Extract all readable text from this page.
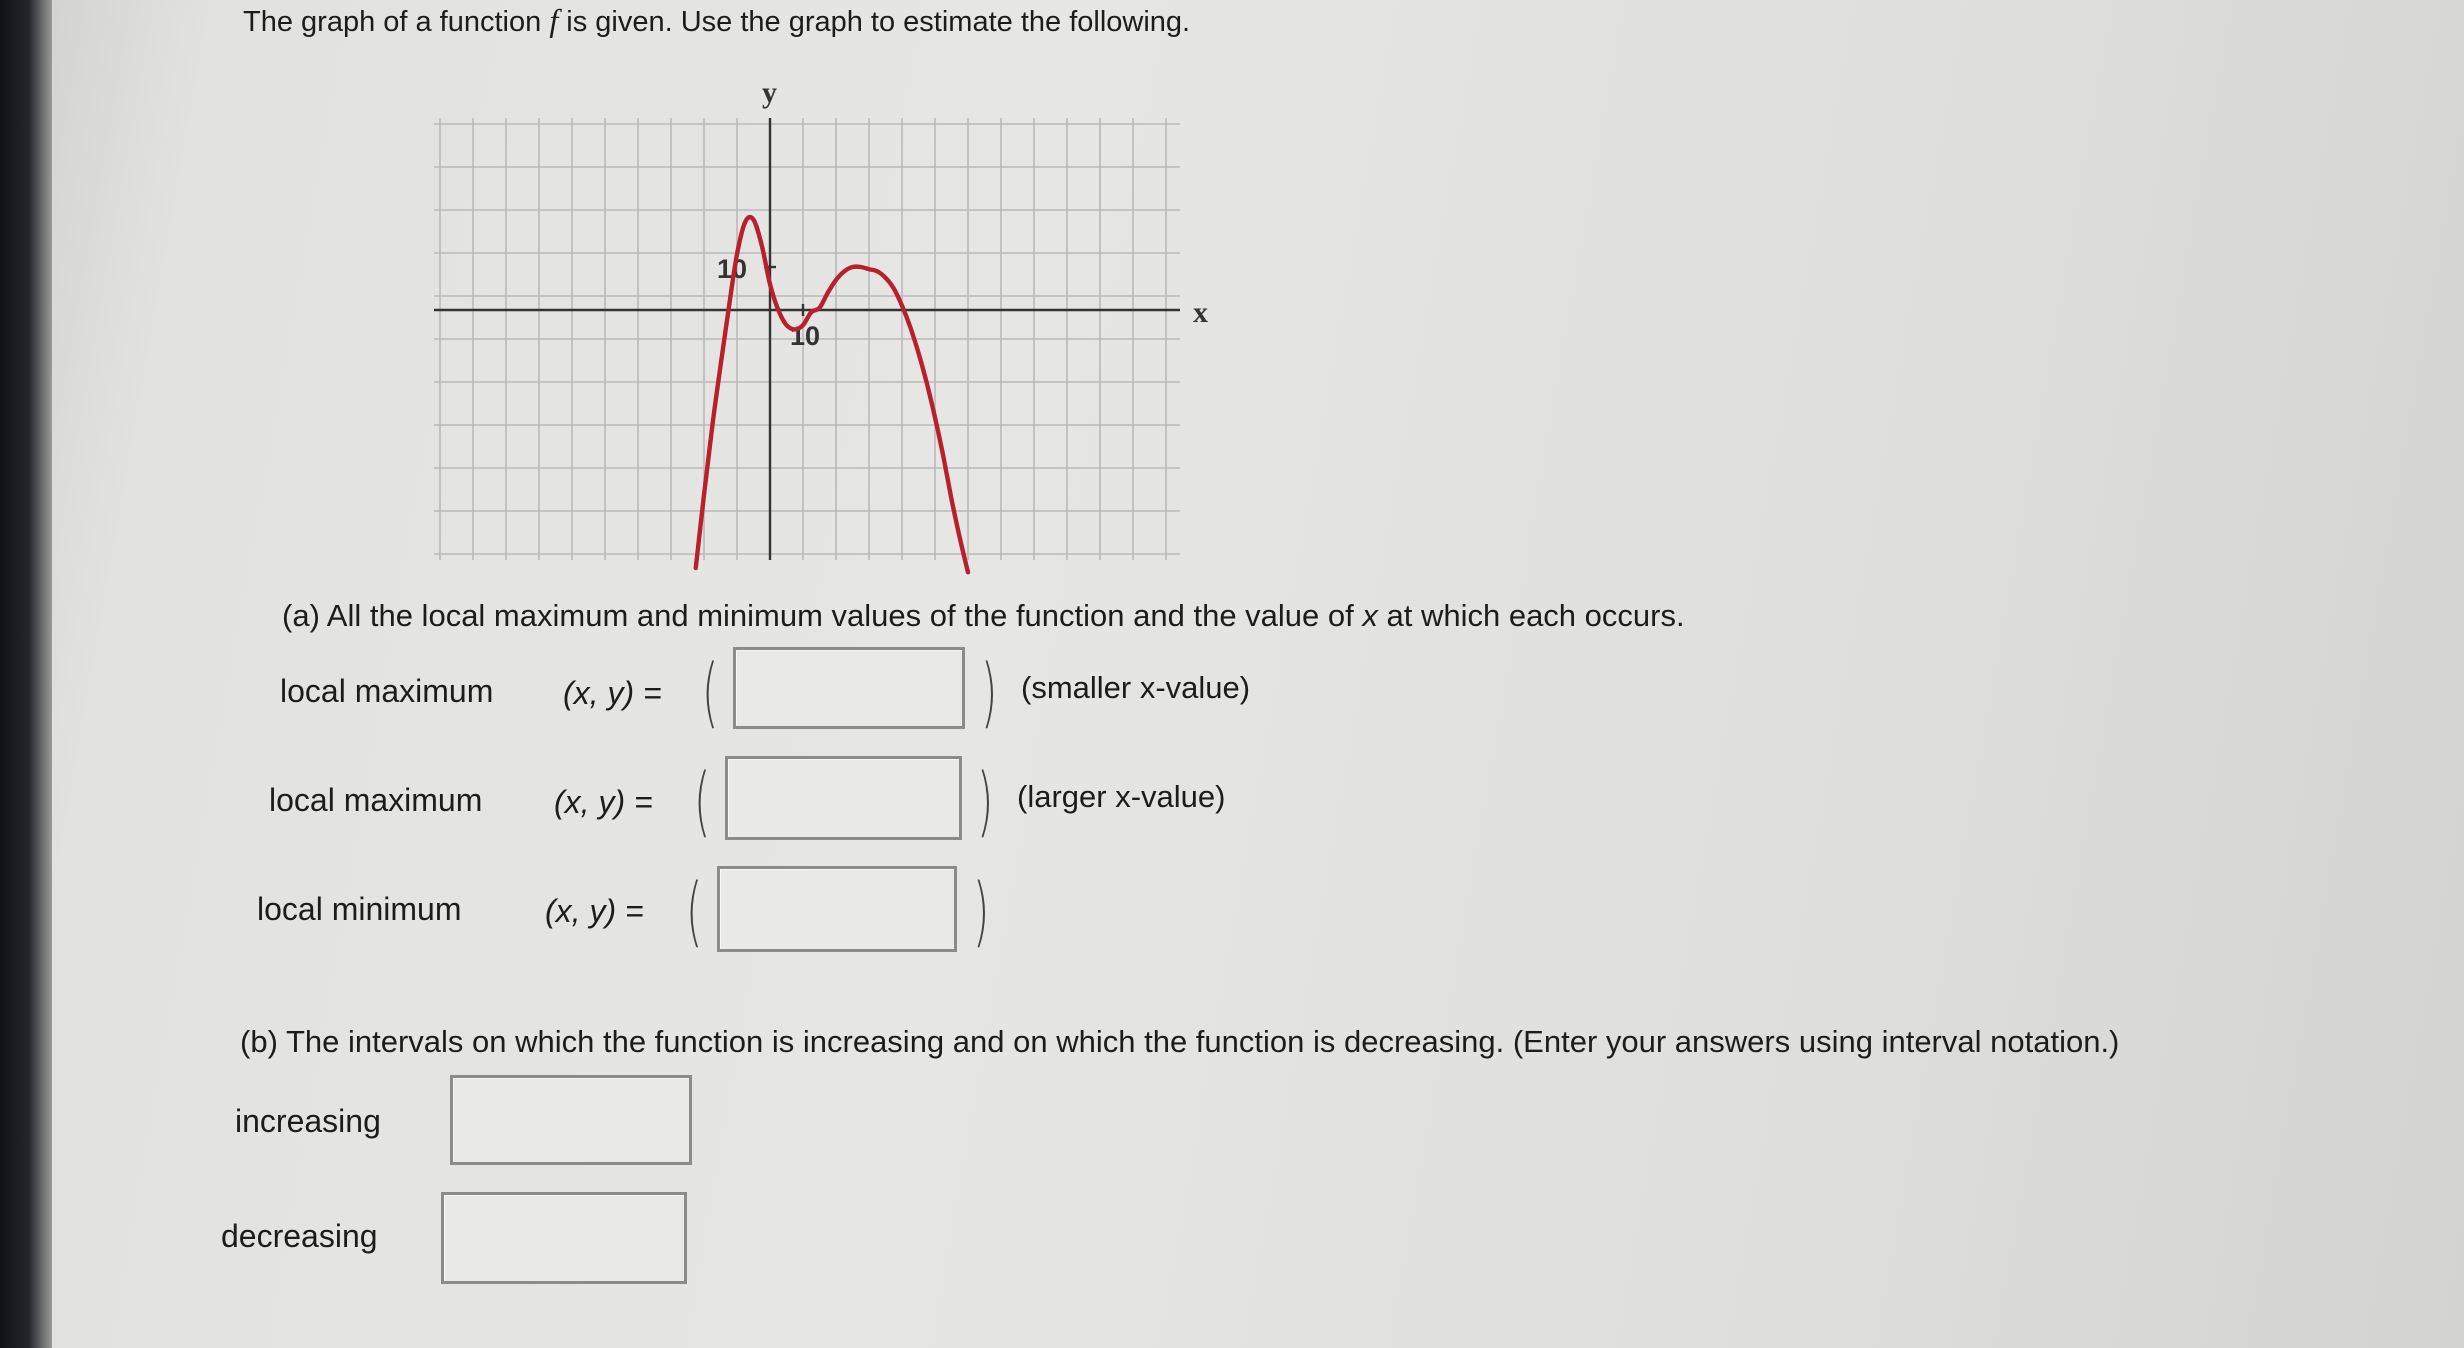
The graph of a function f is given. Use the graph to estimate the following.
y
x
10
10
(a) All the local maximum and minimum values of the function and the value of x at which each occurs.
local maximum (x, y) = (	) (smaller x-value)
local maximum (x, y) = (	) (larger x-value)
local minimum	(x, y) = (	)
(b) The intervals on which the function is increasing and on which the function is decreasing. (Enter your answers using interval notation.)
increasing
decreasing
